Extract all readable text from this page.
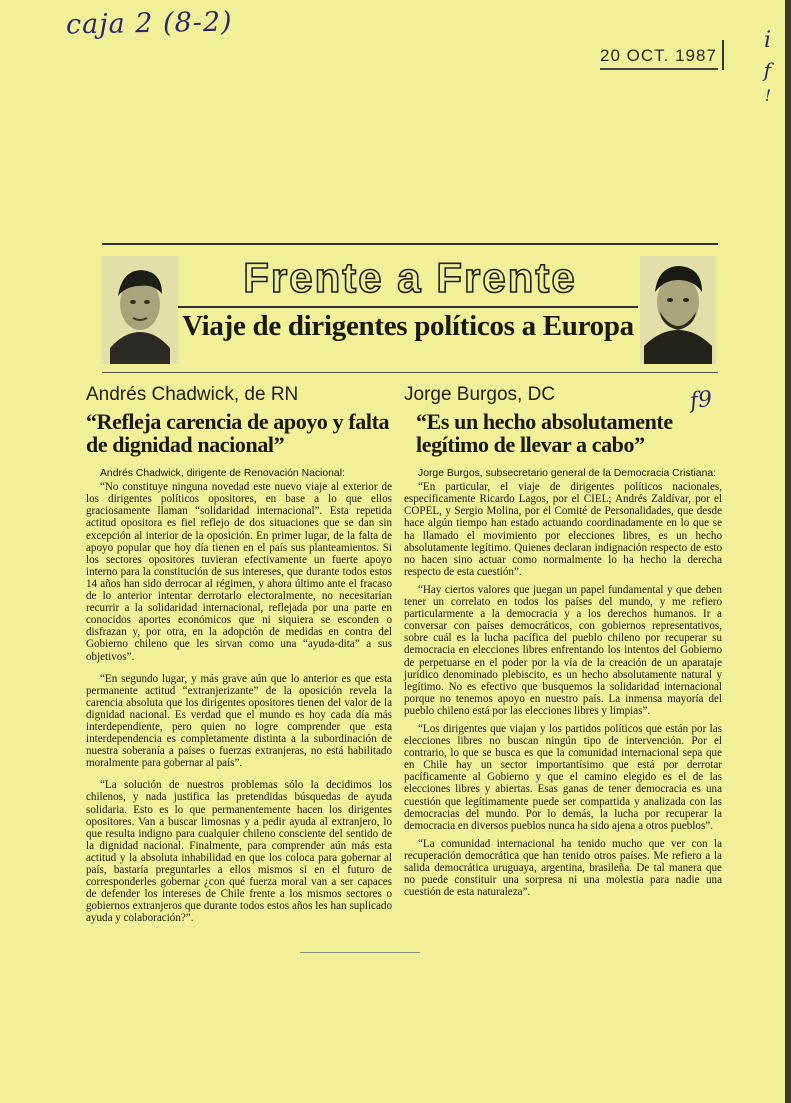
caja 2 (8-2)
i
f
!
20 OCT. 1987
Frente a Frente
Viaje de dirigentes políticos a Europa
Andrés Chadwick, de RN
“Refleja carencia de apoyo y falta de dignidad nacional”

Andrés Chadwick, dirigente de Renovación Nacional:

“No constituye ninguna novedad este nuevo viaje al exterior de los dirigentes políticos opositores, en base a lo que ellos graciosamente llaman “solidaridad internacional”. Esta repetida actitud opositora es fiel reflejo de dos situaciones que se dan sin excepción al interior de la oposición. En primer lugar, de la falta de apoyo popular que hoy día tienen en el país sus planteamientos. Si los sectores opositores tuvieran efectivamente un fuerte apoyo interno para la constitución de sus intereses, que durante todos estos 14 años han sido derrocar al régimen, y ahora último ante el fracaso de lo anterior intentar derrotarlo electoralmente, no necesitarían recurrir a la solidaridad internacional, reflejada por una parte en conocidos aportes económicos que ni siquiera se esconden o disfrazan y, por otra, en la adopción de medidas en contra del Gobierno chileno que les sirvan como una “ayuda-dita” a sus objetivos”.

“En segundo lugar, y más grave aún que lo anterior es que esta permanente actitud “extranjerizante” de la oposición revela la carencia absoluta que los dirigentes opositores tienen del valor de la dignidad nacional. Es verdad que el mundo es hoy cada día más interdependiente, pero quien no logre comprender que esta interdependencia es completamente distinta a la subordinación de nuestra soberanía a países o fuerzas extranjeras, no está habilitado moralmente para gobernar al país”.

“La solución de nuestros problemas sólo la decidimos los chilenos, y nada justifica las pretendidas búsquedas de ayuda solidaria. Esto es lo que permanentemente hacen los dirigentes opositores. Van a buscar limosnas y a pedir ayuda al extranjero, lo que resulta indigno para cualquier chileno consciente del sentido de la dignidad nacional. Finalmente, para comprender aún más esta actitud y la absoluta inhabilidad en que los coloca para gobernar al país, bastaría preguntarles a ellos mismos si en el futuro de corresponderles gobernar ¿con qué fuerza moral van a ser capaces de defender los intereses de Chile frente a los mismos sectores o gobiernos extranjeros que durante todos estos años les han suplicado ayuda y colaboración?”.

Jorge Burgos, DC
“Es un hecho absolutamente legítimo de llevar a cabo”

Jorge Burgos, subsecretario general de la Democracia Cristiana:

“En particular, el viaje de dirigentes políticos nacionales, especificamente Ricardo Lagos, por el CIEL; Andrés Zaldívar, por el COPEL, y Sergio Molina, por el Comité de Personalidades, que desde hace algún tiempo han estado actuando coordinadamente en lo que se ha llamado el movimiento por elecciones libres, es un hecho absolutamente legítimo. Quienes declaran indignación respecto de esto no hacen sino actuar como normalmente lo ha hecho la derecha respecto de esta cuestión”.

“Hay ciertos valores que juegan un papel fundamental y que deben tener un correlato en todos los países del mundo, y me refiero particularmente a la democracia y a los derechos humanos. Ir a conversar con países democráticos, con gobiernos representativos, sobre cuál es la lucha pacífica del pueblo chileno por recuperar su democracia en elecciones libres enfrentando los intentos del Gobierno de perpetuarse en el poder por la vía de la creación de un aparataje jurídico denominado plebiscito, es un hecho absolutamente natural y legítimo. No es efectivo que busquemos la solidaridad internacional porque no tenemos apoyo en nuestro país. La inmensa mayoría del pueblo chileno está por las elecciones libres y limpias”.

“Los dirigentes que viajan y los partidos políticos que están por las elecciones libres no buscan ningún tipo de intervención. Por el contrario, lo que se busca es que la comunidad internacional sepa que en Chile hay un sector importantísimo que está por derrotar pacíficamente al Gobierno y que el camino elegido es el de las elecciones libres y abiertas. Esas ganas de tener democracia es una cuestión que legítimamente puede ser compartida y analizada con las democracias del mundo. Por lo demás, la lucha por recuperar la democracia en diversos pueblos nunca ha sido ajena a otros pueblos”.

“La comunidad internacional ha tenido mucho que ver con la recuperación democrática que han tenido otros países. Me refiero a la salida democrática uruguaya, argentina, brasileña. De tal manera que no puede constituir una sorpresa ni una molestia para nadie una cuestión de esta naturaleza”.

f9
